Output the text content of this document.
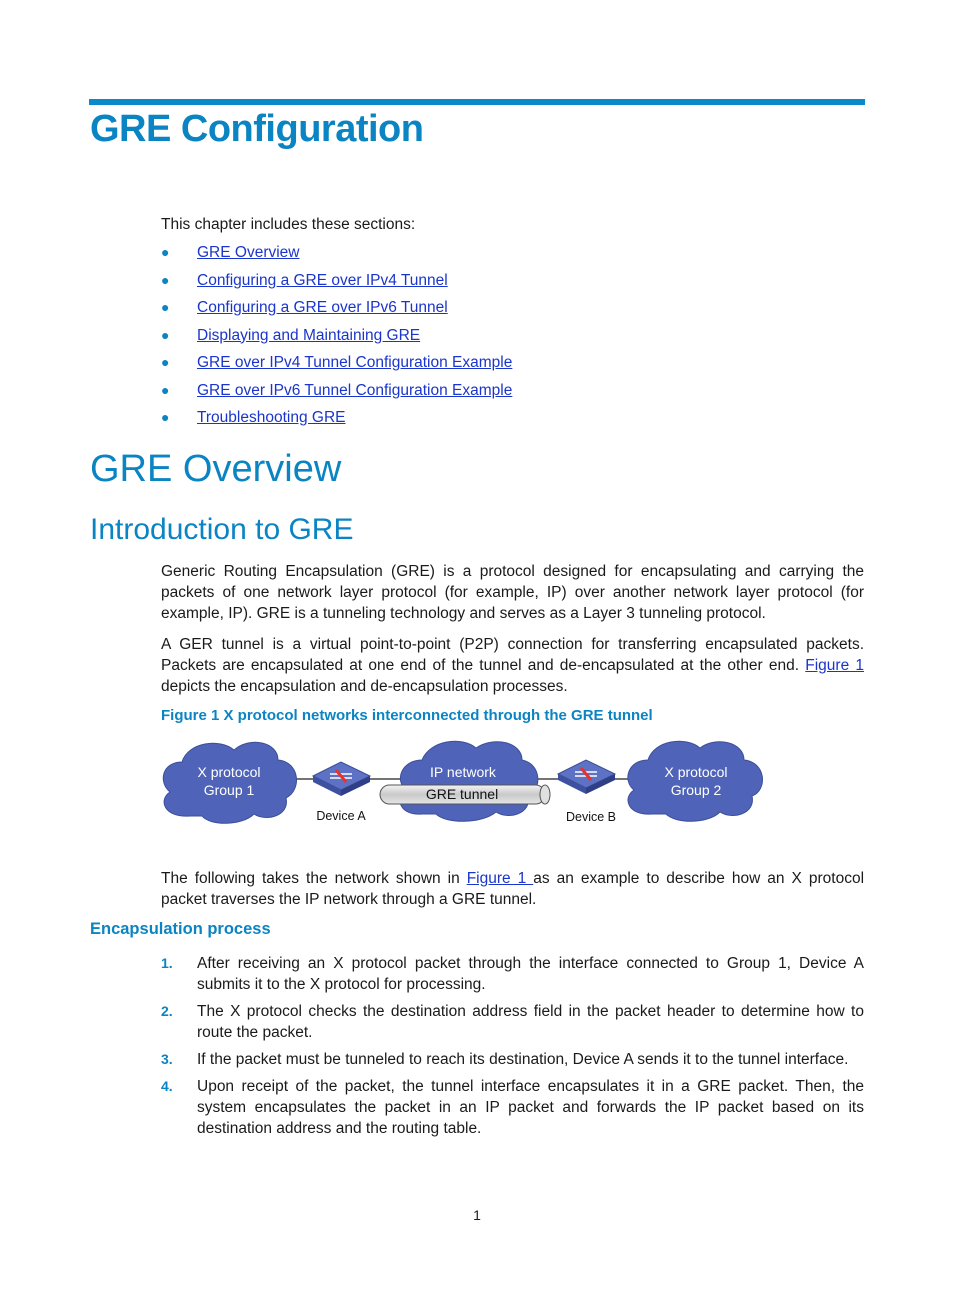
GRE Configuration
This chapter includes these sections:
● GRE Overview
● Configuring a GRE over IPv4 Tunnel
● Configuring a GRE over IPv6 Tunnel
● Displaying and Maintaining GRE
● GRE over IPv4 Tunnel Configuration Example
● GRE over IPv6 Tunnel Configuration Example
● Troubleshooting GRE
GRE Overview
Introduction to GRE

Generic Routing Encapsulation (GRE) is a protocol designed for encapsulating and carrying the packets of one network layer protocol (for example, IP) over another network layer protocol (for example, IP). GRE is a tunneling technology and serves as a Layer 3 tunneling protocol.

A GER tunnel is a virtual point-to-point (P2P) connection for transferring encapsulated packets. Packets are encapsulated at one end of the tunnel and de-encapsulated at the other end. Figure 1 depicts the encapsulation and de-encapsulation processes.

Figure 1 X protocol networks interconnected through the GRE tunnel

X protocol
Group 1
Device A
IP network
GRE tunnel
Device B
X protocol
Group 2

The following takes the network shown in Figure 1 as an example to describe how an X protocol packet traverses the IP network through a GRE tunnel.

Encapsulation process
1. After receiving an X protocol packet through the interface connected to Group 1, Device A submits it to the X protocol for processing.
2. The X protocol checks the destination address field in the packet header to determine how to route the packet.
3. If the packet must be tunneled to reach its destination, Device A sends it to the tunnel interface.
4. Upon receipt of the packet, the tunnel interface encapsulates it in a GRE packet. Then, the system encapsulates the packet in an IP packet and forwards the IP packet based on its destination address and the routing table.
1
